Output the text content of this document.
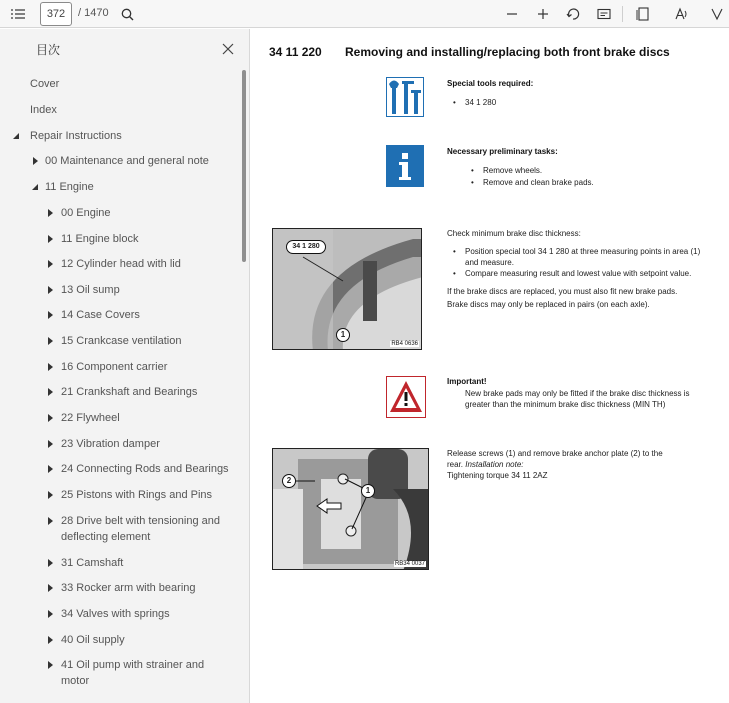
372	/ 1470
目次
Cover
Index
Repair Instructions
00 Maintenance and general note
11 Engine
00 Engine
11 Engine block
12 Cylinder head with lid
13 Oil sump
14 Case Covers
15 Crankcase ventilation
16 Component carrier
21 Crankshaft and Bearings
22 Flywheel
23 Vibration damper
24 Connecting Rods and Bearings
25 Pistons with Rings and Pins
28 Drive belt with tensioning and deflecting element
31 Camshaft
33 Rocker arm with bearing
34 Valves with springs
40 Oil supply
41 Oil pump with strainer and motor
34 11 220 Removing and installing/replacing both front brake discs
Special tools required:
• 34 1 280
Necessary preliminary tasks:
• Remove wheels.
• Remove and clean brake pads.
34 1 280
1
RB4 0636
Check minimum brake disc thickness:
• Position special tool 34 1 280 at three measuring points in area (1) and measure.
• Compare measuring result and lowest value with setpoint value.
If the brake discs are replaced, you must also fit new brake pads.
Brake discs may only be replaced in pairs (on each axle).
Important!
New brake pads may only be fitted if the brake disc thickness is greater than the minimum brake disc thickness (MIN TH)
1
2
RB34 0037
Release screws (1) and remove brake anchor plate (2) to the
rear. Installation note:
Tightening torque 34 11 2AZ
